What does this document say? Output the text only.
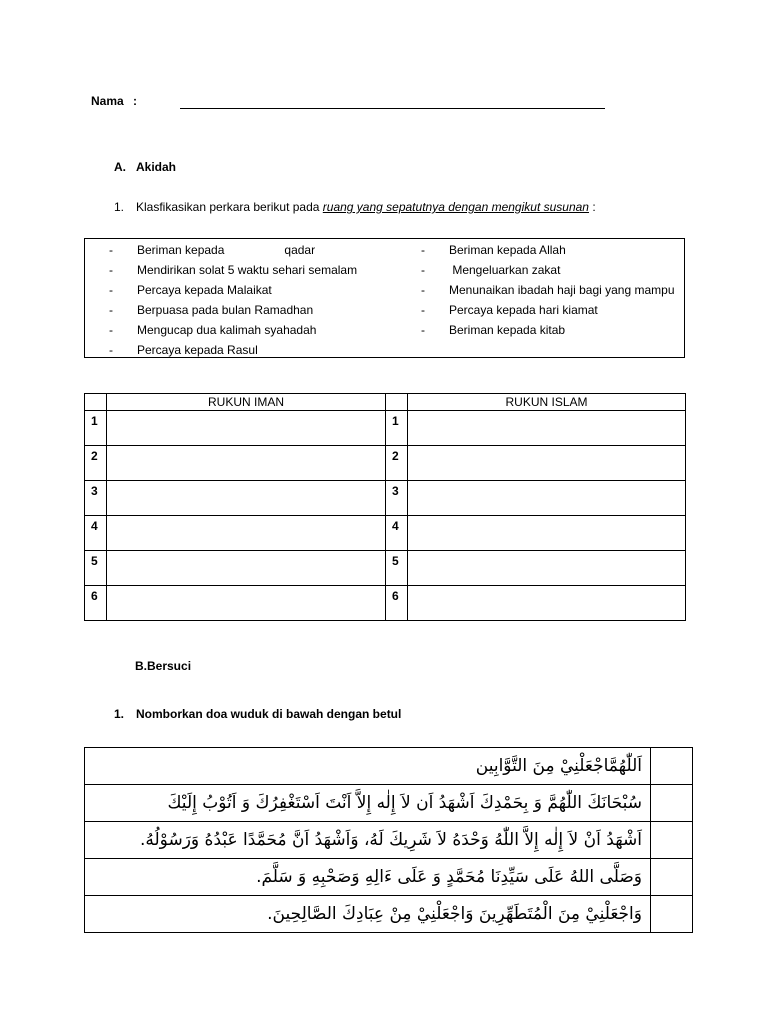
Nama :
A. Akidah
1. Klasfikasikan perkara berikut pada ruang yang sepatutnya dengan mengikut susunan :
- Beriman kepada                  qadar
- Mendirikan solat 5 waktu sehari semalam
- Percaya kepada Malaikat
- Berpuasa pada bulan Ramadhan
- Mengucap dua kalimah syahadah
- Percaya kepada Rasul
- Beriman kepada Allah
- Mengeluarkan zakat
- Menunaikan ibadah haji bagi yang mampu
- Percaya kepada hari kiamat
- Beriman kepada kitab
	RUKUN IMAN		RUKUN ISLAM
1		1	
2		2	
3		3	
4		4	
5		5	
6		6	
B.Bersuci
1. Nomborkan doa wuduk di bawah dengan betul
اَللّٰهُمَّاجْعَلْنِيْ مِنَ التَّوَّابِين	
سُبْحَانَكَ اللّٰهُمَّ وَ بِحَمْدِكَ اَشْهَدُ اَن لاَ إِلٰه إِلاَّ اَنْتَ اَسْتَغْفِرُكَ وَ اَتُوْبُ إِلَيْكَ	
اَشْهَدُ اَنْ لاَ إِلٰه إِلاَّ اللّٰهُ وَحْدَهُ لاَ شَرِيكَ لَهُ، وَاَشْهَدُ اَنَّ مُحَمَّدًا عَبْدُهُ وَرَسُوْلُهُ.	
وَصَلَّى اللهُ عَلَى سَيِّدِنَا مُحَمَّدٍ وَ عَلَى ءَالِهِ وَصَحْبِهِ وَ سَلَّمَ.	
وَاجْعَلْنِيْ مِنَ الْمُتَطَهِّرِينَ وَاجْعَلْنِيْ مِنْ عِبَادِكَ الصَّالِحِينَ.	
